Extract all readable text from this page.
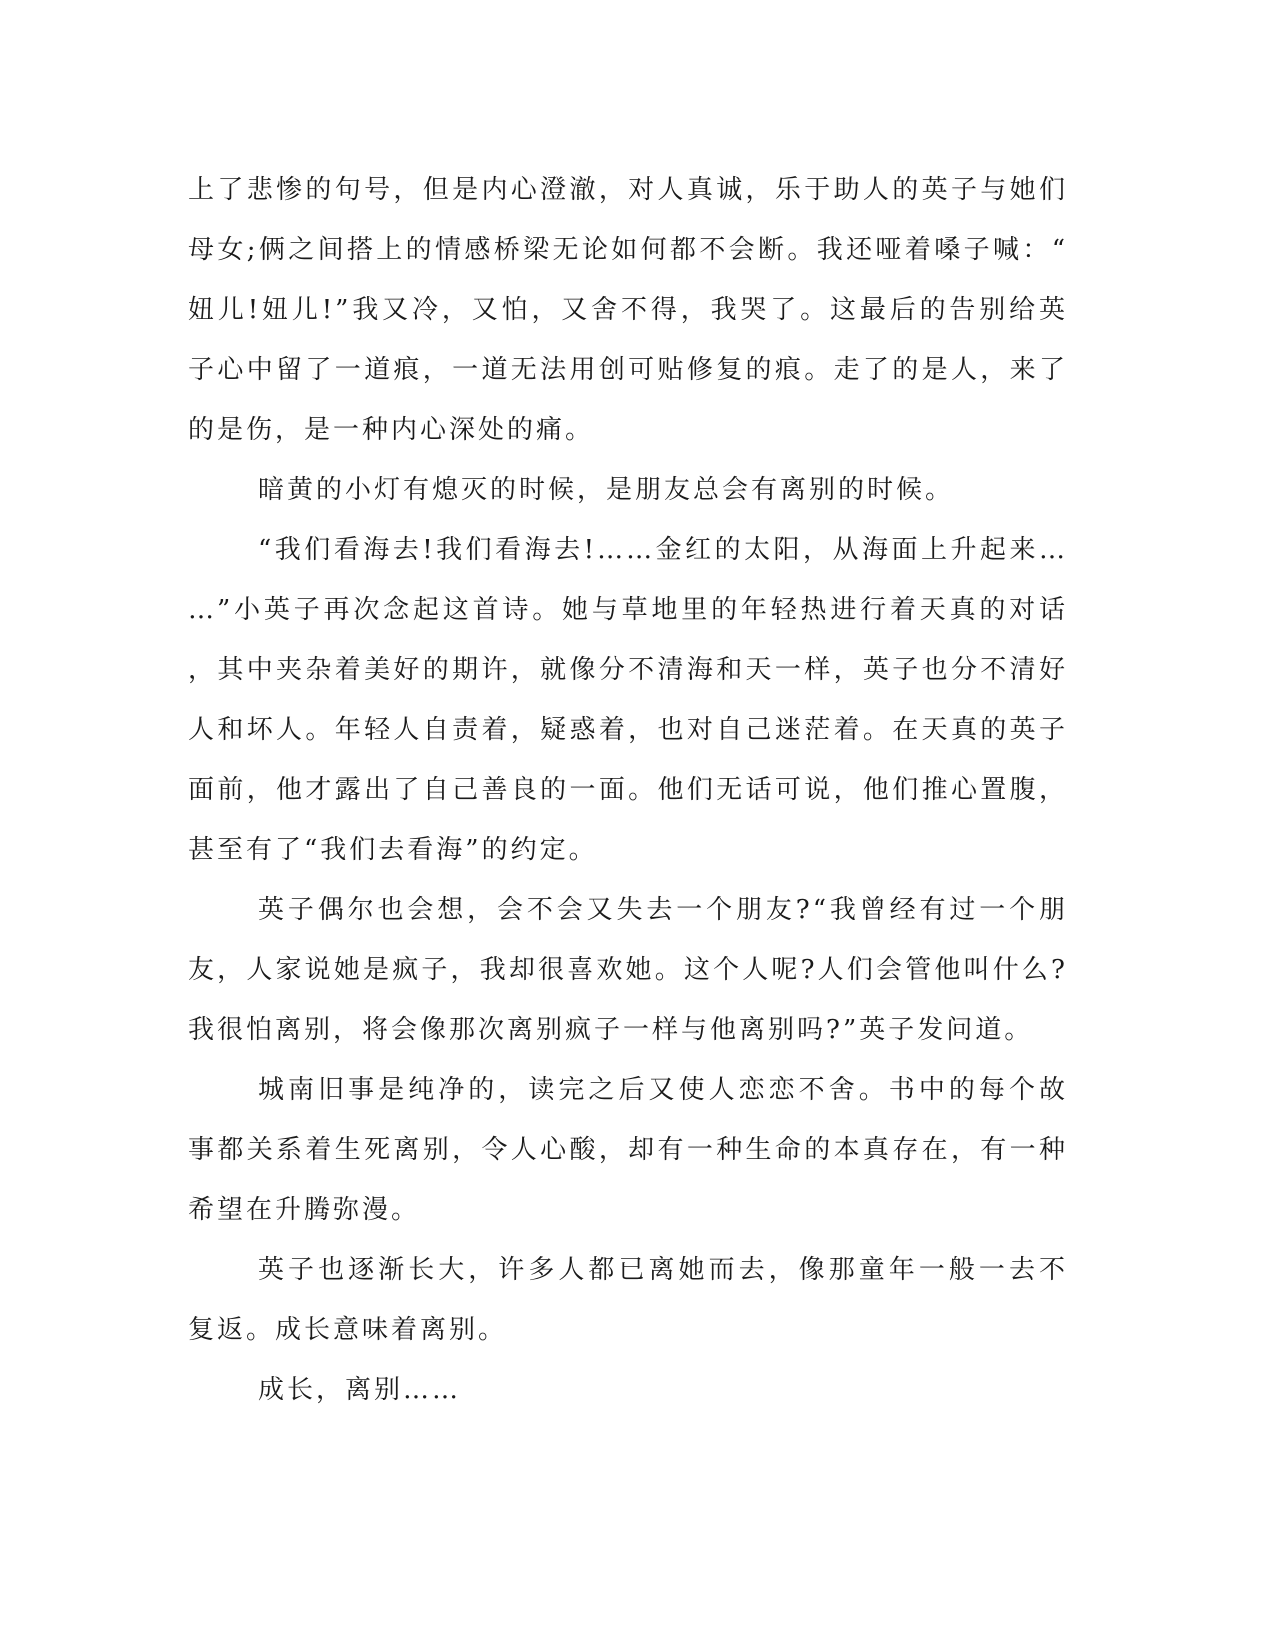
上了悲惨的句号，但是内心澄澈，对人真诚，乐于助人的英子与她们母女;俩之间搭上的情感桥梁无论如何都不会断。我还哑着嗓子喊：“妞儿!妞儿!”我又冷，又怕，又舍不得，我哭了。这最后的告别给英子心中留了一道痕，一道无法用创可贴修复的痕。走了的是人，来了的是伤，是一种内心深处的痛。

暗黄的小灯有熄灭的时候，是朋友总会有离别的时候。

“我们看海去!我们看海去!……金红的太阳，从海面上升起来……”小英子再次念起这首诗。她与草地里的年轻热进行着天真的对话，其中夹杂着美好的期许，就像分不清海和天一样，英子也分不清好人和坏人。年轻人自责着，疑惑着，也对自己迷茫着。在天真的英子面前，他才露出了自己善良的一面。他们无话可说，他们推心置腹，甚至有了“我们去看海”的约定。

英子偶尔也会想，会不会又失去一个朋友?“我曾经有过一个朋友，人家说她是疯子，我却很喜欢她。这个人呢?人们会管他叫什么?我很怕离别，将会像那次离别疯子一样与他离别吗?”英子发问道。

城南旧事是纯净的，读完之后又使人恋恋不舍。书中的每个故事都关系着生死离别，令人心酸，却有一种生命的本真存在，有一种希望在升腾弥漫。

英子也逐渐长大，许多人都已离她而去，像那童年一般一去不复返。成长意味着离别。

成长，离别……
